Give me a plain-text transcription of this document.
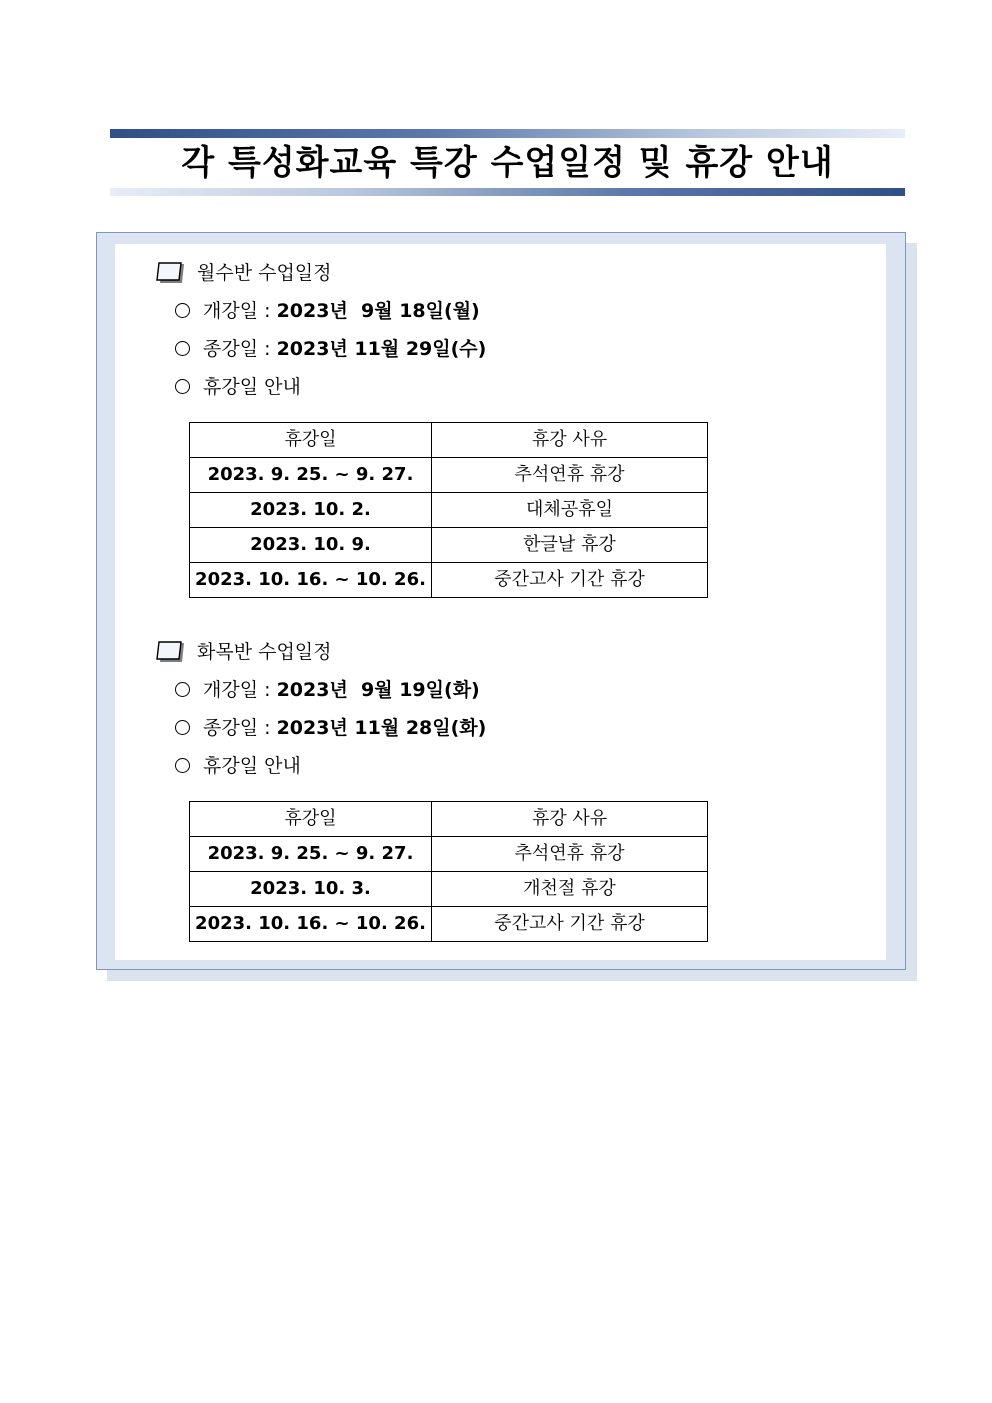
각 특성화교육 특강 수업일정 및 휴강 안내
월수반 수업일정
개강일 : 2023년  9월 18일(월)
종강일 : 2023년 11월 29일(수)
휴강일 안내
휴강일	휴강 사유
2023. 9. 25. ~ 9. 27.	추석연휴 휴강
2023. 10. 2.	대체공휴일
2023. 10. 9.	한글날 휴강
2023. 10. 16. ~ 10. 26.	중간고사 기간 휴강
화목반 수업일정
개강일 : 2023년  9월 19일(화)
종강일 : 2023년 11월 28일(화)
휴강일 안내
휴강일	휴강 사유
2023. 9. 25. ~ 9. 27.	추석연휴 휴강
2023. 10. 3.	개천절 휴강
2023. 10. 16. ~ 10. 26.	중간고사 기간 휴강
